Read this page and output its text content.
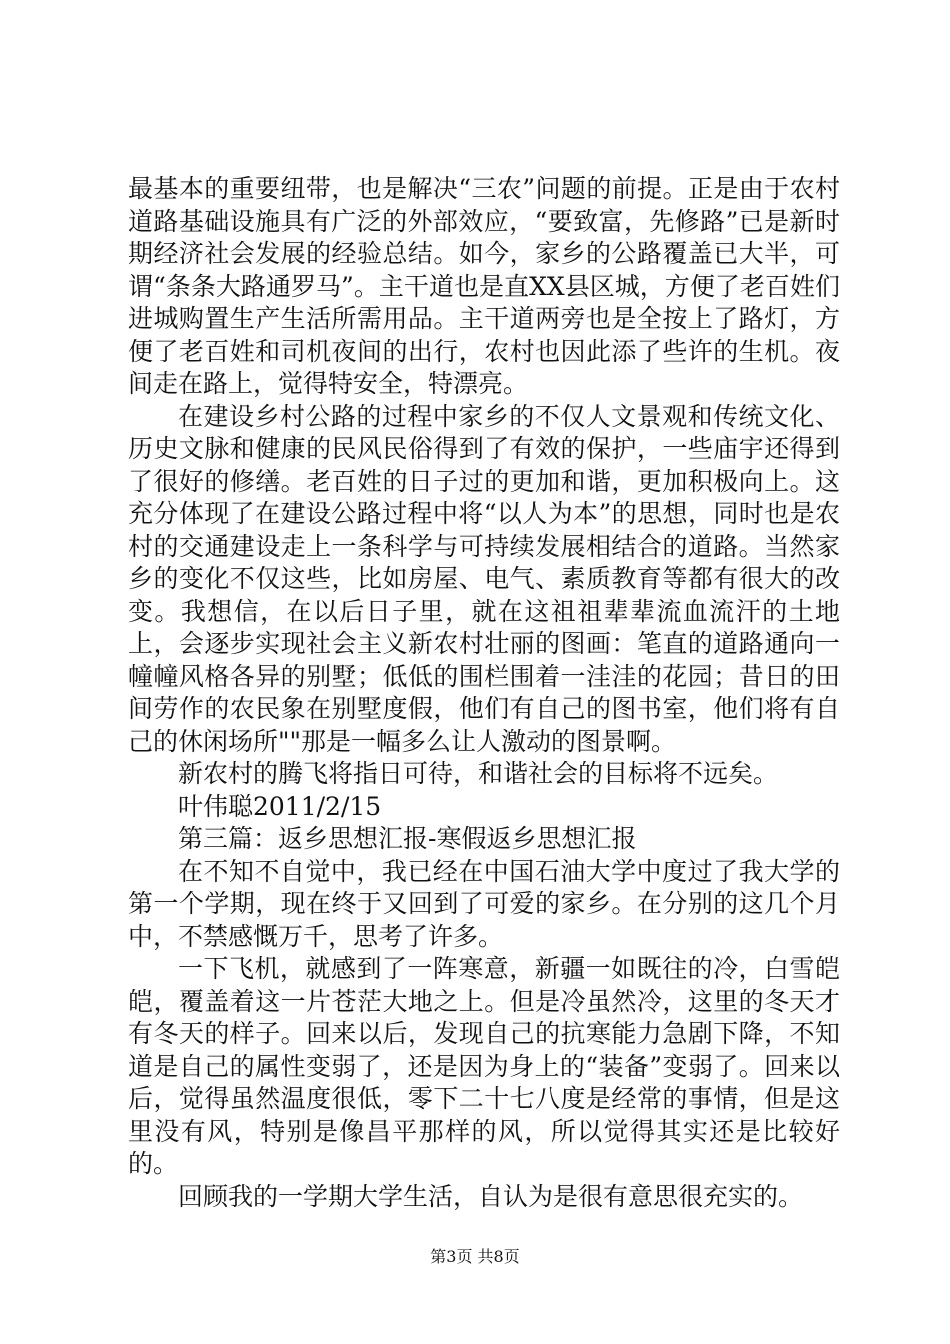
最基本的重要纽带，也是解决“三农”问题的前提。正是由于农村道路基础设施具有广泛的外部效应，“要致富，先修路”已是新时期经济社会发展的经验总结。如今，家乡的公路覆盖已大半，可谓“条条大路通罗马”。主干道也是直XX县区城，方便了老百姓们进城购置生产生活所需用品。主干道两旁也是全按上了路灯，方便了老百姓和司机夜间的出行，农村也因此添了些许的生机。夜间走在路上，觉得特安全，特漂亮。

在建设乡村公路的过程中家乡的不仅人文景观和传统文化、历史文脉和健康的民风民俗得到了有效的保护，一些庙宇还得到了很好的修缮。老百姓的日子过的更加和谐，更加积极向上。这充分体现了在建设公路过程中将“以人为本”的思想，同时也是农村的交通建设走上一条科学与可持续发展相结合的道路。当然家乡的变化不仅这些，比如房屋、电气、素质教育等都有很大的改变。我想信，在以后日子里，就在这祖祖辈辈流血流汗的土地上，会逐步实现社会主义新农村壮丽的图画：笔直的道路通向一幢幢风格各异的别墅；低低的围栏围着一洼洼的花园；昔日的田间劳作的农民象在别墅度假，他们有自己的图书室，他们将有自己的休闲场所""那是一幅多么让人激动的图景啊。

新农村的腾飞将指日可待，和谐社会的目标将不远矣。

叶伟聪2011/2/15

第三篇：返乡思想汇报-寒假返乡思想汇报

在不知不自觉中，我已经在中国石油大学中度过了我大学的第一个学期，现在终于又回到了可爱的家乡。在分别的这几个月中，不禁感慨万千，思考了许多。

一下飞机，就感到了一阵寒意，新疆一如既往的冷，白雪皑皑，覆盖着这一片苍茫大地之上。但是冷虽然冷，这里的冬天才有冬天的样子。回来以后，发现自己的抗寒能力急剧下降，不知道是自己的属性变弱了，还是因为身上的“装备”变弱了。回来以后，觉得虽然温度很低，零下二十七八度是经常的事情，但是这里没有风，特别是像昌平那样的风，所以觉得其实还是比较好的。

回顾我的一学期大学生活，自认为是很有意思很充实的。

第3页 共8页
